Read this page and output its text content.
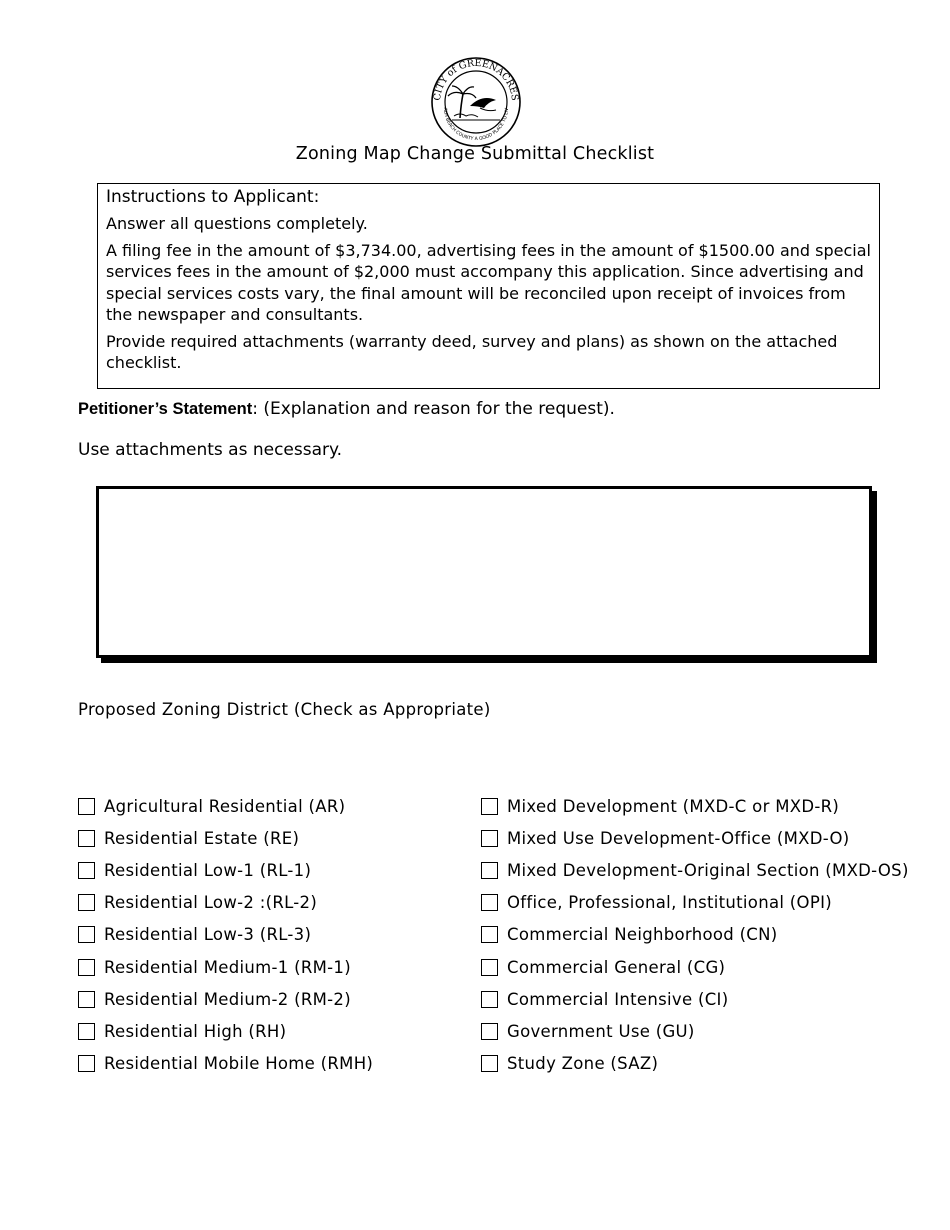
CITY of GREENACRES
ALM BEACH COUNTY A GOOD PLACE TO LIV
Zoning Map Change Submittal Checklist
Instructions to Applicant:

Answer all questions completely.

A filing fee in the amount of $3,734.00, advertising fees in the amount of $1500.00 and special services fees in the amount of $2,000 must accompany this application. Since advertising and special services costs vary, the final amount will be reconciled upon receipt of invoices from the newspaper and consultants.

Provide required attachments (warranty deed, survey and plans) as shown on the attached checklist.

Petitioner’s Statement: (Explanation and reason for the request).
Use attachments as necessary.
Proposed Zoning District (Check as Appropriate)
Agricultural Residential (AR)
Residential Estate (RE)
Residential Low-1 (RL-1)
Residential Low-2 :(RL-2)
Residential Low-3 (RL-3)
Residential Medium-1 (RM-1)
Residential Medium-2 (RM-2)
Residential High (RH)
Residential Mobile Home (RMH)
Mixed Development (MXD-C or MXD-R)
Mixed Use Development-Office (MXD-O)
Mixed Development-Original Section (MXD-OS)
Office, Professional, Institutional (OPI)
Commercial Neighborhood (CN)
Commercial General (CG)
Commercial Intensive (CI)
Government Use (GU)
Study Zone (SAZ)
